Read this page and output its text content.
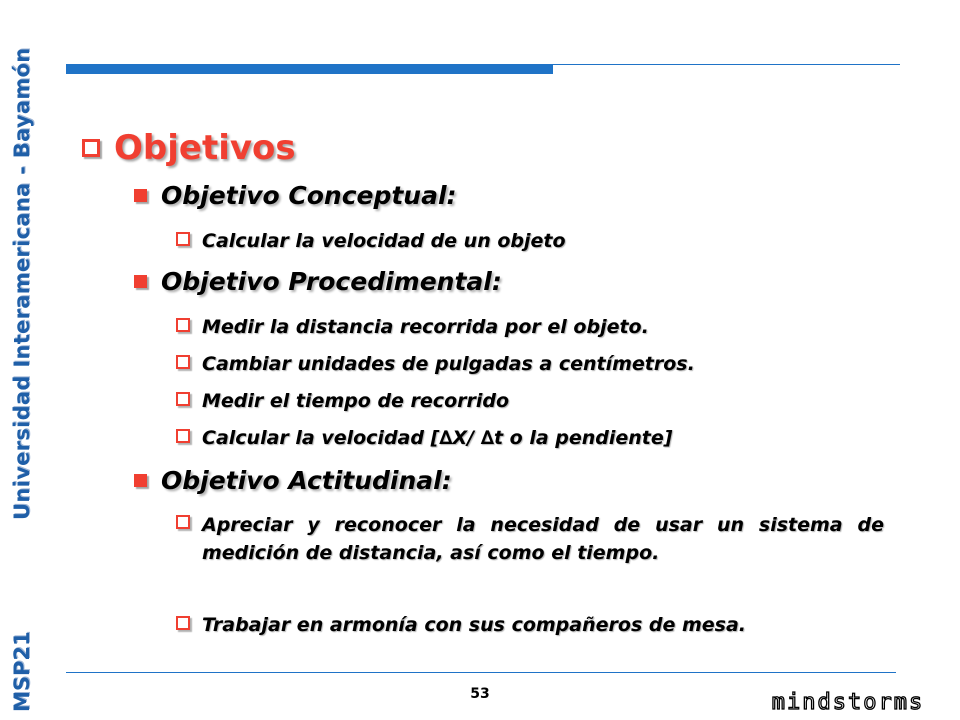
Universidad Interamericana - Bayamón
MSP21
Objetivos
Objetivo Conceptual:
Calcular la velocidad de un objeto
Objetivo Procedimental:
Medir la distancia recorrida por el objeto.
Cambiar unidades de pulgadas a centímetros.
Medir el tiempo de recorrido
Calcular la velocidad [∆X/ ∆t o la pendiente]
Objetivo Actitudinal:
Apreciar y reconocer la necesidad de usar un sistema de medición de distancia, así como el tiempo.
Trabajar en armonía con sus compañeros de mesa.
53	mindstorms
